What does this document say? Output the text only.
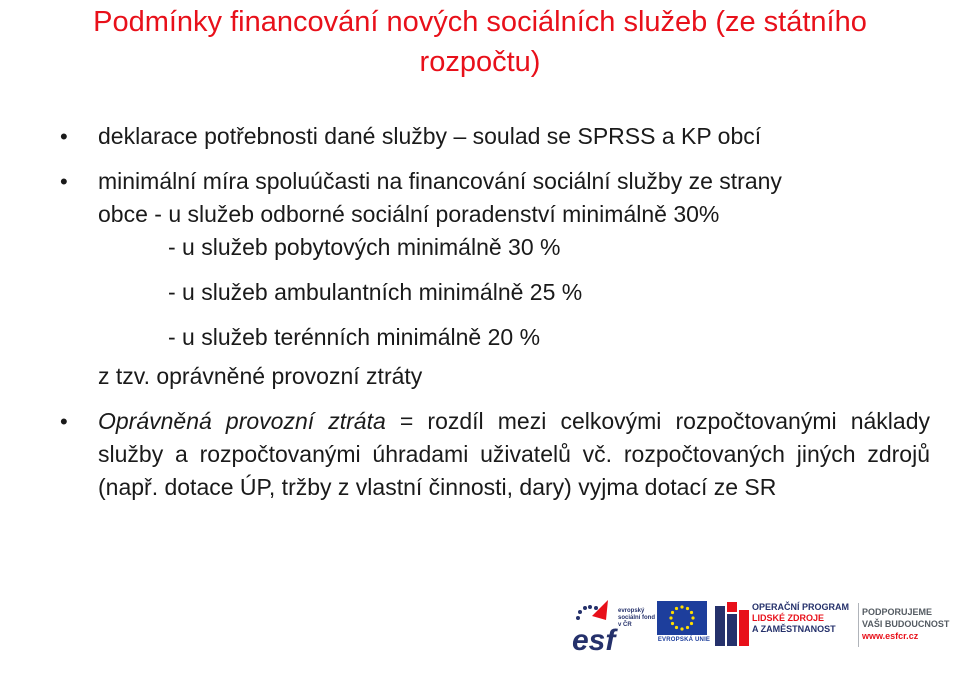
Podmínky financování nových sociálních služeb (ze státního rozpočtu)

• deklarace potřebnosti dané služby – soulad se SPRSS a KP obcí

• minimální míra spoluúčasti na financování sociální služby ze strany

obce - u služeb odborné sociální poradenství minimálně 30%

- u služeb pobytových minimálně 30 %

- u služeb ambulantních minimálně 25 %

- u služeb terénních minimálně 20 %

z tzv. oprávněné provozní ztráty

• Oprávněná provozní ztráta = rozdíl mezi celkovými rozpočtovanými náklady služby a rozpočtovanými úhradami uživatelů vč. rozpočtovaných jiných zdrojů (např. dotace ÚP, tržby z vlastní činnosti, dary) vyjma dotací ze SR

esf
evropský sociální fond v ČR
EVROPSKÁ UNIE
OPERAČNÍ PROGRAM
LIDSKÉ ZDROJE
A ZAMĚSTNANOST
PODPORUJEME
VAŠI BUDOUCNOST
www.esfcr.cz
